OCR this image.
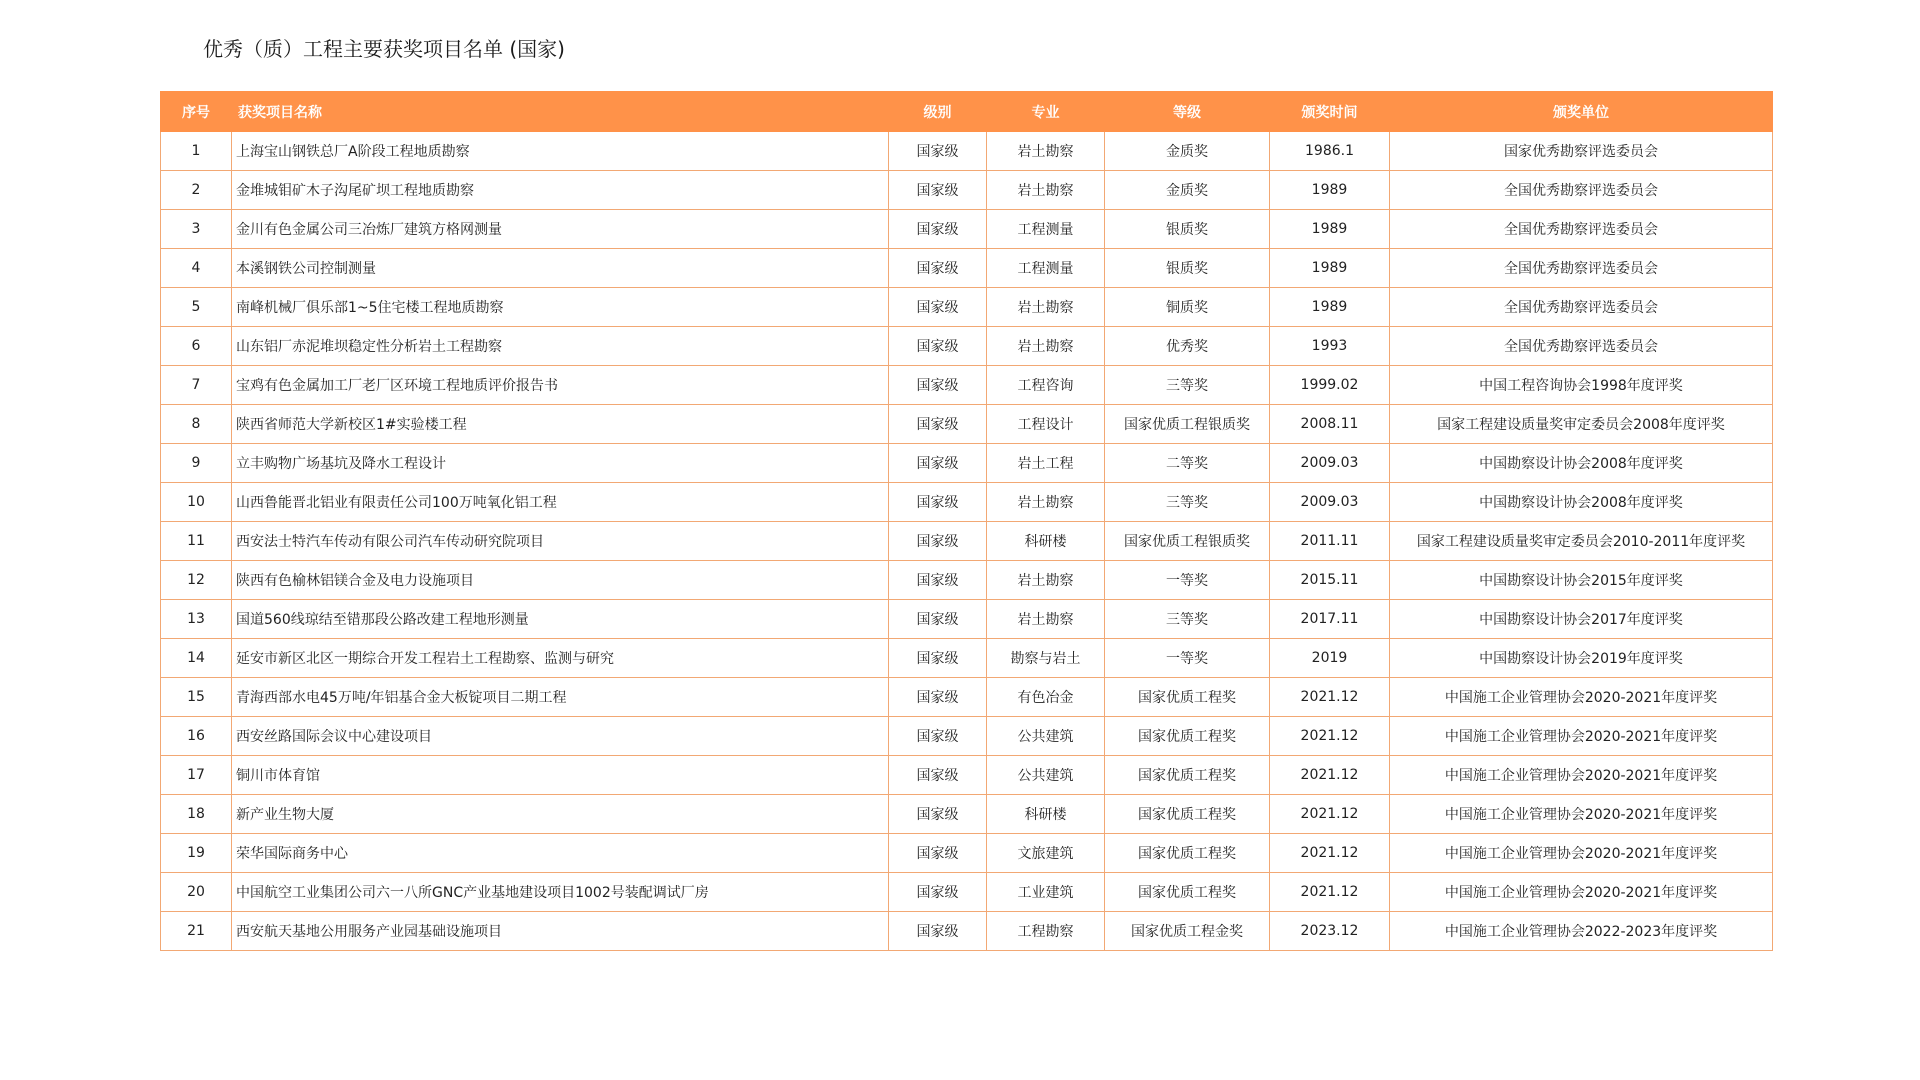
优秀（质）工程主要获奖项目名单 (国家)
序号	获奖项目名称	级别	专业	等级	颁奖时间	颁奖单位
1	上海宝山钢铁总厂A阶段工程地质勘察	国家级	岩土勘察	金质奖	1986.1	国家优秀勘察评选委员会
2	金堆城钼矿木子沟尾矿坝工程地质勘察	国家级	岩土勘察	金质奖	1989	全国优秀勘察评选委员会
3	金川有色金属公司三冶炼厂建筑方格网测量	国家级	工程测量	银质奖	1989	全国优秀勘察评选委员会
4	本溪钢铁公司控制测量	国家级	工程测量	银质奖	1989	全国优秀勘察评选委员会
5	南峰机械厂俱乐部1~5住宅楼工程地质勘察	国家级	岩土勘察	铜质奖	1989	全国优秀勘察评选委员会
6	山东铝厂赤泥堆坝稳定性分析岩土工程勘察	国家级	岩土勘察	优秀奖	1993	全国优秀勘察评选委员会
7	宝鸡有色金属加工厂老厂区环境工程地质评价报告书	国家级	工程咨询	三等奖	1999.02	中国工程咨询协会1998年度评奖
8	陕西省师范大学新校区1#实验楼工程	国家级	工程设计	国家优质工程银质奖	2008.11	国家工程建设质量奖审定委员会2008年度评奖
9	立丰购物广场基坑及降水工程设计	国家级	岩土工程	二等奖	2009.03	中国勘察设计协会2008年度评奖
10	山西鲁能晋北铝业有限责任公司100万吨氧化铝工程	国家级	岩土勘察	三等奖	2009.03	中国勘察设计协会2008年度评奖
11	西安法士特汽车传动有限公司汽车传动研究院项目	国家级	科研楼	国家优质工程银质奖	2011.11	国家工程建设质量奖审定委员会2010-2011年度评奖
12	陕西有色榆林铝镁合金及电力设施项目	国家级	岩土勘察	一等奖	2015.11	中国勘察设计协会2015年度评奖
13	国道560线琼结至错那段公路改建工程地形测量	国家级	岩土勘察	三等奖	2017.11	中国勘察设计协会2017年度评奖
14	延安市新区北区一期综合开发工程岩土工程勘察、监测与研究	国家级	勘察与岩土	一等奖	2019	中国勘察设计协会2019年度评奖
15	青海西部水电45万吨/年铝基合金大板锭项目二期工程	国家级	有色冶金	国家优质工程奖	2021.12	中国施工企业管理协会2020-2021年度评奖
16	西安丝路国际会议中心建设项目	国家级	公共建筑	国家优质工程奖	2021.12	中国施工企业管理协会2020-2021年度评奖
17	铜川市体育馆	国家级	公共建筑	国家优质工程奖	2021.12	中国施工企业管理协会2020-2021年度评奖
18	新产业生物大厦	国家级	科研楼	国家优质工程奖	2021.12	中国施工企业管理协会2020-2021年度评奖
19	荣华国际商务中心	国家级	文旅建筑	国家优质工程奖	2021.12	中国施工企业管理协会2020-2021年度评奖
20	中国航空工业集团公司六一八所GNC产业基地建设项目1002号装配调试厂房	国家级	工业建筑	国家优质工程奖	2021.12	中国施工企业管理协会2020-2021年度评奖
21	西安航天基地公用服务产业园基础设施项目	国家级	工程勘察	国家优质工程金奖	2023.12	中国施工企业管理协会2022-2023年度评奖
